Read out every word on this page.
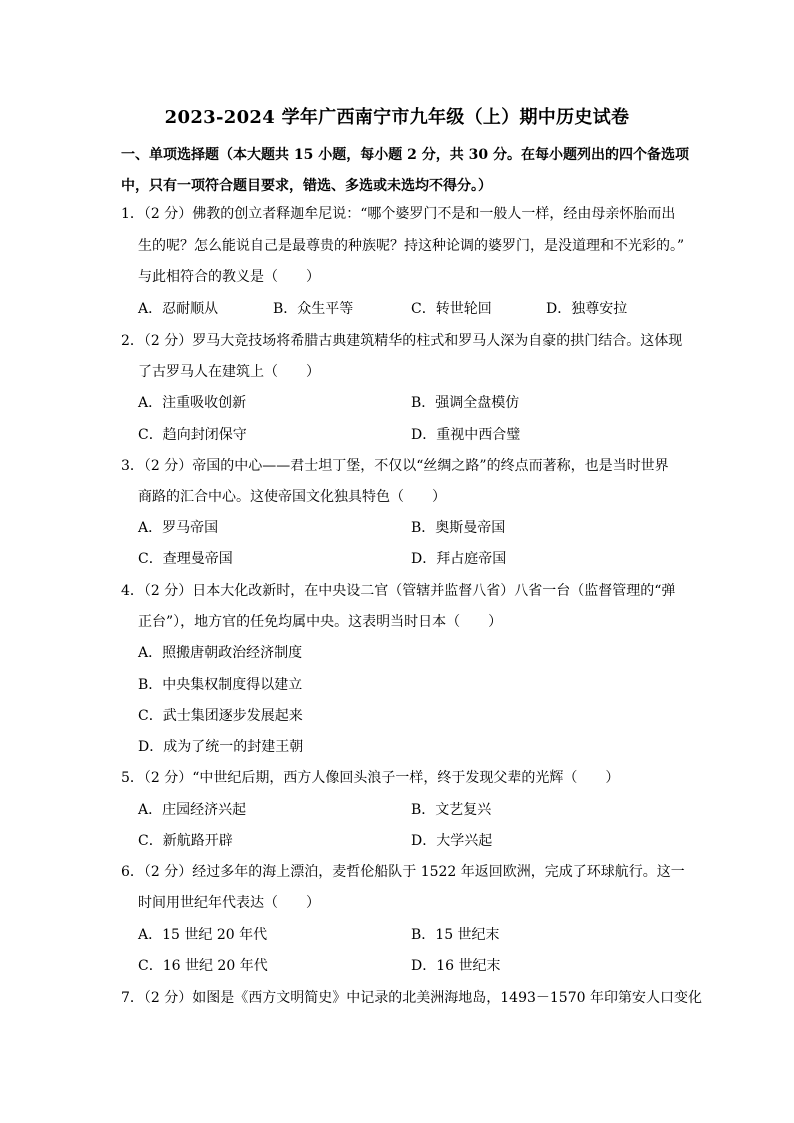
2023-2024 学年广西南宁市九年级（上）期中历史试卷
一、单项选择题（本大题共 15 小题，每小题 2 分，共 30 分。在每小题列出的四个备选项
中，只有一项符合题目要求，错选、多选或未选均不得分。）
1．（2 分）佛教的创立者释迦牟尼说：“哪个婆罗门不是和一般人一样，经由母亲怀胎而出
生的呢？怎么能说自己是最尊贵的种族呢？持这种论调的婆罗门，是没道理和不光彩的。”
与此相符合的教义是（　　）
A．忍耐顺从	B．众生平等	C．转世轮回	D．独尊安拉
2．（2 分）罗马大竞技场将希腊古典建筑精华的柱式和罗马人深为自豪的拱门结合。这体现
了古罗马人在建筑上（　　）
A．注重吸收创新	B．强调全盘模仿
C．趋向封闭保守	D．重视中西合璧
3．（2 分）帝国的中心——君士坦丁堡，不仅以“丝绸之路”的终点而著称，也是当时世界
商路的汇合中心。这使帝国文化独具特色（　　）
A．罗马帝国	B．奥斯曼帝国
C．查理曼帝国	D．拜占庭帝国
4．（2 分）日本大化改新时，在中央设二官（管辖并监督八省）八省一台（监督管理的“弹
正台”），地方官的任免均属中央。这表明当时日本（　　）
A．照搬唐朝政治经济制度
B．中央集权制度得以建立
C．武士集团逐步发展起来
D．成为了统一的封建王朝
5．（2 分）“中世纪后期，西方人像回头浪子一样，终于发现父辈的光辉（　　）
A．庄园经济兴起	B．文艺复兴
C．新航路开辟	D．大学兴起
6．（2 分）经过多年的海上漂泊，麦哲伦船队于 1522 年返回欧洲，完成了环球航行。这一
时间用世纪年代表达（　　）
A．15 世纪 20 年代	B．15 世纪末
C．16 世纪 20 年代	D．16 世纪末
7．（2 分）如图是《西方文明简史》中记录的北美洲海地岛，1493－1570 年印第安人口变化
